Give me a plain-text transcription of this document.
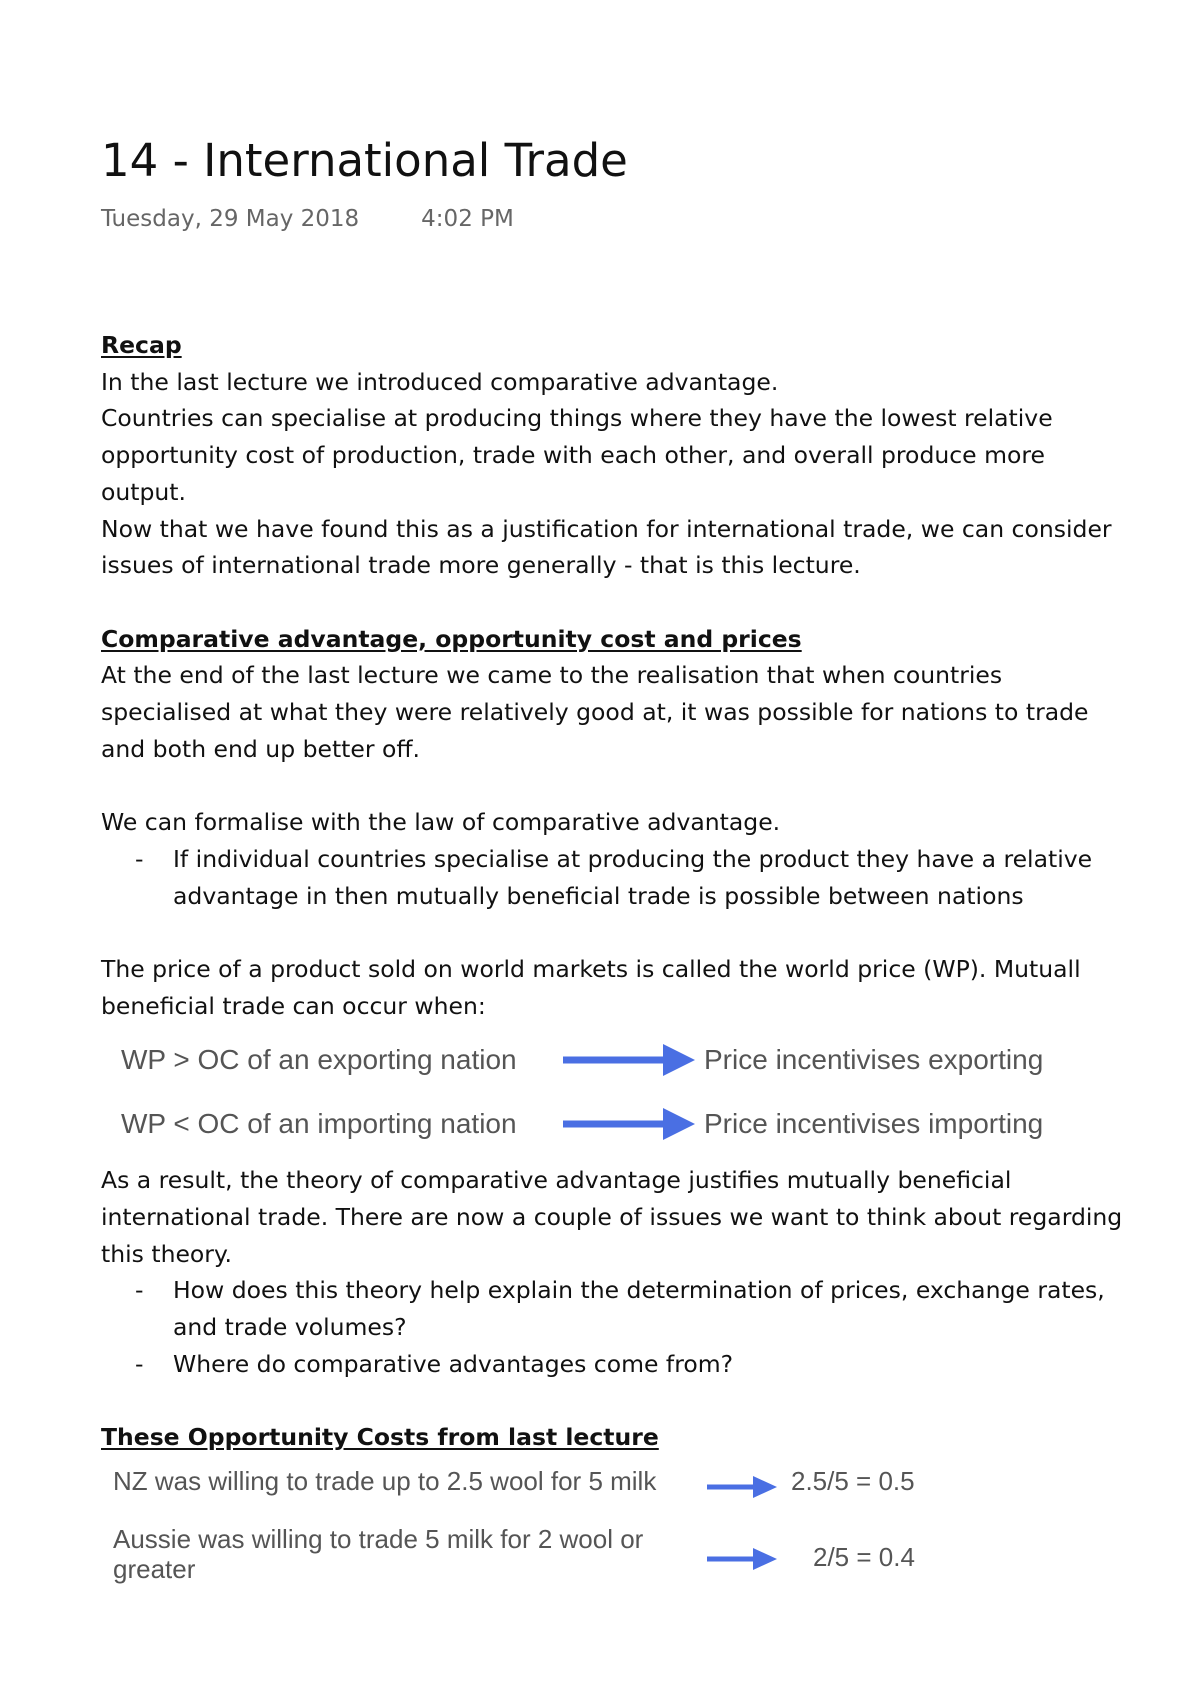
14 - International Trade
Tuesday, 29 May 2018	4:02 PM

Recap

In the last lecture we introduced comparative advantage.

Countries can specialise at producing things where they have the lowest relative opportunity cost of production, trade with each other, and overall produce more output.

Now that we have found this as a justification for international trade, we can consider issues of international trade more generally - that is this lecture.

Comparative advantage, opportunity cost and prices

At the end of the last lecture we came to the realisation that when countries specialised at what they were relatively good at, it was possible for nations to trade and both end up better off.

We can formalise with the law of comparative advantage.

- If individual countries specialise at producing the product they have a relative advantage in then mutually beneficial trade is possible between nations

The price of a product sold on world markets is called the world price (WP). Mutuall beneficial trade can occur when:

WP > OC of an exporting nation	Price incentivises exporting
WP < OC of an importing nation	Price incentivises importing

As a result, the theory of comparative advantage justifies mutually beneficial international trade. There are now a couple of issues we want to think about regarding this theory.

- How does this theory help explain the determination of prices, exchange rates, and trade volumes?
- Where do comparative advantages come from?

These Opportunity Costs from last lecture

NZ was willing to trade up to 2.5 wool for 5 milk	2.5/5 = 0.5
Aussie was willing to trade 5 milk for 2 wool or greater	2/5 = 0.4
